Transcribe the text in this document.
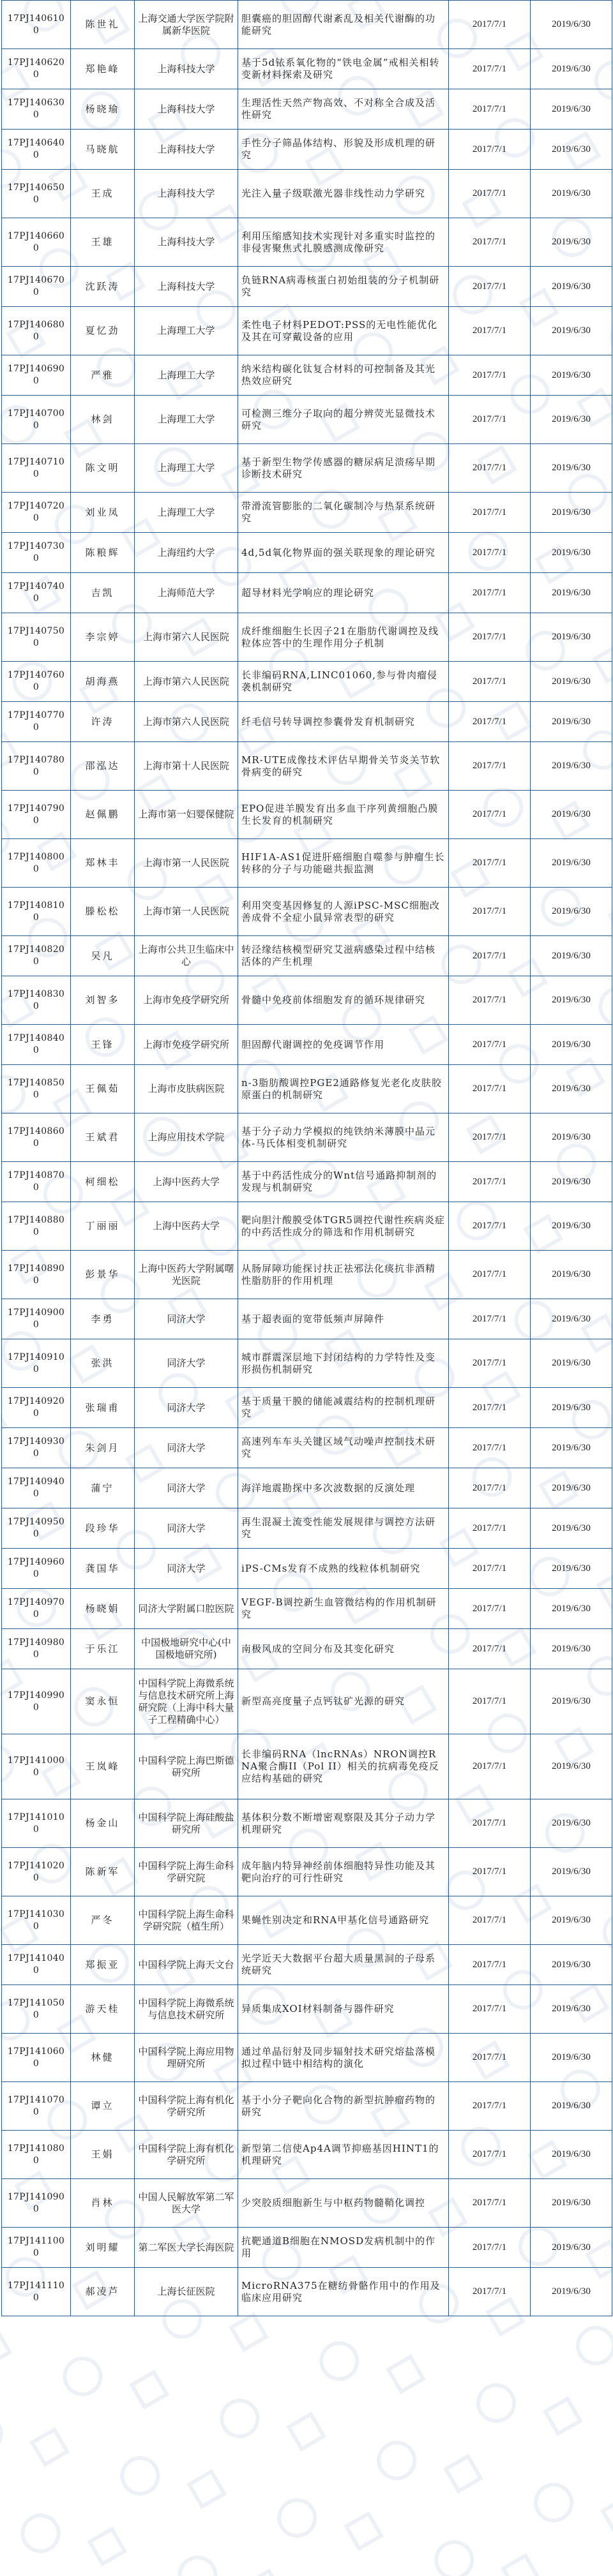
17PJ1406100	陈世礼	上海交通大学医学院附属新华医院	胆囊癌的胆固醇代谢紊乱及相关代谢酶的功能研究	2017/7/1	2019/6/30
17PJ1406200	郑艳峰	上海科技大学	基于5d铱系氧化物的“铁电金属”戒相关相转变新材料探索及研究	2017/7/1	2019/6/30
17PJ1406300	杨晓瑜	上海科技大学	生理活性天然产物高效、不对称全合成及活性研究	2017/7/1	2019/6/30
17PJ1406400	马晓航	上海科技大学	手性分子筛晶体结构、形貌及形成机理的研究	2017/7/1	2019/6/30
17PJ1406500	王成	上海科技大学	光注入量子级联激光器非线性动力学研究	2017/7/1	2019/6/30
17PJ1406600	王雄	上海科技大学	利用压缩感知技术实现针对多重实时监控的非侵害聚焦式扎膜感测成像研究	2017/7/1	2019/6/30
17PJ1406700	沈跃涛	上海科技大学	负链RNA病毒核蛋白初始组装的分子机制研究	2017/7/1	2019/6/30
17PJ1406800	夏忆劲	上海理工大学	柔性电子材料PEDOT:PSS的无电性能优化及其在可穿戴设备的应用	2017/7/1	2019/6/30
17PJ1406900	严雅	上海理工大学	纳米结构碳化钛复合材料的可控制备及其光热效应研究	2017/7/1	2019/6/30
17PJ1407000	林剑	上海理工大学	可检测三维分子取向的超分辨荧光显微技术研究	2017/7/1	2019/6/30
17PJ1407100	陈文明	上海理工大学	基于新型生物学传感器的糖尿病足溃疡早期诊断技术研究	2017/7/1	2019/6/30
17PJ1407200	刘业凤	上海理工大学	带滑流管膨胀的二氧化碳制冷与热泵系统研究	2017/7/1	2019/6/30
17PJ1407300	陈粮辉	上海纽约大学	4d,5d氧化物界面的强关联现象的理论研究	2017/7/1	2019/6/30
17PJ1407400	吉凯	上海师范大学	超导材料光学响应的理论研究	2017/7/1	2019/6/30
17PJ1407500	李宗婷	上海市第六人民医院	成纤维细胞生长因子21在脂肪代谢调控及线粒体应答中的生理作用分子机制	2017/7/1	2019/6/30
17PJ1407600	胡海燕	上海市第六人民医院	长非编码RNA,LINC01060,参与骨肉瘤侵袭机制研究	2017/7/1	2019/6/30
17PJ1407700	许涛	上海市第六人民医院	纤毛信号转导调控参囊骨发育机制研究	2017/7/1	2019/6/30
17PJ1407800	邵泓达	上海市第十人民医院	MR-UTE成像技术评估早期骨关节炎关节软骨病变的研究	2017/7/1	2019/6/30
17PJ1407900	赵佩鹏	上海市第一妇婴保健院	EPO促进羊膜发育出多血干序列黄细胞凸膜生长发育的机制研究	2017/7/1	2019/6/30
17PJ1408000	郑林丰	上海市第一人民医院	HIF1A-AS1促进肝癌细胞自噬参与肿瘤生长转移的分子与功能磁共振监测	2017/7/1	2019/6/30
17PJ1408100	滕松松	上海市第一人民医院	利用突变基因修复的人源iPSC-MSC细胞改善成骨不全症小鼠异常表型的研究	2017/7/1	2019/6/30
17PJ1408200	吴凡	上海市公共卫生临床中心	转泾缘结核模型研究艾滋病感染过程中结核活体的产生机理	2017/7/1	2019/6/30
17PJ1408300	刘智多	上海市免疫学研究所	骨髓中免疫前体细胞发育的循环规律研究	2017/7/1	2019/6/30
17PJ1408400	王锋	上海市免疫学研究所	胆固醇代谢调控的免疫调节作用	2017/7/1	2019/6/30
17PJ1408500	王佩茹	上海市皮肤病医院	n-3脂肪酸调控PGE2通路修复光老化皮肤胶原蛋白的机制研究	2017/7/1	2019/6/30
17PJ1408600	王斌君	上海应用技术学院	基于分子动力学模拟的纯铁纳米薄膜中晶元体-马氏体相变机制研究	2017/7/1	2019/6/30
17PJ1408700	柯细松	上海中医药大学	基于中药活性成分的Wnt信号通路抑制剂的发现与机制研究	2017/7/1	2019/6/30
17PJ1408800	丁丽丽	上海中医药大学	靶向胆汁酸膜受体TGR5调控代谢性疾病炎症的中药活性成分的筛选和作用机制研究	2017/7/1	2019/6/30
17PJ1408900	彭景华	上海中医药大学附属曙光医院	从肠屏障功能探讨扶正祛邪法化痰抗非酒精性脂肪肝的作用机理	2017/7/1	2019/6/30
17PJ1409000	李勇	同济大学	基于超表面的宽带低频声屏障件	2017/7/1	2019/6/30
17PJ1409100	张洪	同济大学	城市群震深层地下封闭结构的力学特性及变形损伤机制研究	2017/7/1	2019/6/30
17PJ1409200	张瑞甫	同济大学	基于质量干膜的储能减震结构的控制机理研究	2017/7/1	2019/6/30
17PJ1409300	朱剑月	同济大学	高速列车车头关键区域气动噪声控制技术研究	2017/7/1	2019/6/30
17PJ1409400	蒲宁	同济大学	海洋地震勘探中多次波数据的反演处理	2017/7/1	2019/6/30
17PJ1409500	段珍华	同济大学	再生混凝土流变性能发展规律与调控方法研究	2017/7/1	2019/6/30
17PJ1409600	龚国华	同济大学	iPS-CMs发育不成熟的线粒体机制研究	2017/7/1	2019/6/30
17PJ1409700	杨晓娟	同济大学附属口腔医院	VEGF-B调控新生血管微结构的作用机制研究	2017/7/1	2019/6/30
17PJ1409800	于乐江	中国极地研究中心(中国极地研究所)	南极风成的空间分布及其变化研究	2017/7/1	2019/6/30
17PJ1409900	窦永恒	中国科学院上海微系统与信息技术研究所上海研究院（上海中科大量子工程精确中心）	新型高亮度量子点钙钛矿光源的研究	2017/7/1	2019/6/30
17PJ1410000	王岚峰	中国科学院上海巴斯德研究所	长非编码RNA（lncRNAs）NRON调控RNA聚合酶II（Pol II）相关的抗病毒免疫反应结构基础的研究	2017/7/1	2019/6/30
17PJ1410100	杨金山	中国科学院上海硅酸盐研究所	基体积分数不断增密观察限及其分子动力学机理研究	2017/7/1	2019/6/30
17PJ1410200	陈新军	中国科学院上海生命科学研究院	成年脑内特异神经前体细胞特异性功能及其靶向治疗的可行性研究	2017/7/1	2019/6/30
17PJ1410300	严冬	中国科学院上海生命科学研究院（植生所）	果蝇性别决定和RNA甲基化信号通路研究	2017/7/1	2019/6/30
17PJ1410400	郑振亚	中国科学院上海天文台	光学近天大数据平台超大质量黑洞的子母系统研究	2017/7/1	2019/6/30
17PJ1410500	游天桂	中国科学院上海微系统与信息技术研究所	异质集成XOI材料制备与器件研究	2017/7/1	2019/6/30
17PJ1410600	林健	中国科学院上海应用物理研究所	通过单晶衍射及同步辐射技术研究熔盐落模拟过程中链中相结构的演化	2017/7/1	2019/6/30
17PJ1410700	谭立	中国科学院上海有机化学研究所	基于小分子靶向化合物的新型抗肿瘤药物的研究	2017/7/1	2019/6/30
17PJ1410800	王娟	中国科学院上海有机化学研究所	新型第二信使Ap4A调节抑癌基因HINT1的机理研究	2017/7/1	2019/6/30
17PJ1410900	肖林	中国人民解放军第二军医大学	少突胶质细胞新生与中枢药物髓鞘化调控	2017/7/1	2019/6/30
17PJ1411000	刘明耀	第二军医大学长海医院	抗靶通道B细胞在NMOSD发病机制中的作用	2017/7/1	2019/6/30
17PJ1411100	郝凌芦	上海长征医院	MicroRNA375在糖纺骨骼作用中的作用及临床应用研究	2017/7/1	2019/6/30
